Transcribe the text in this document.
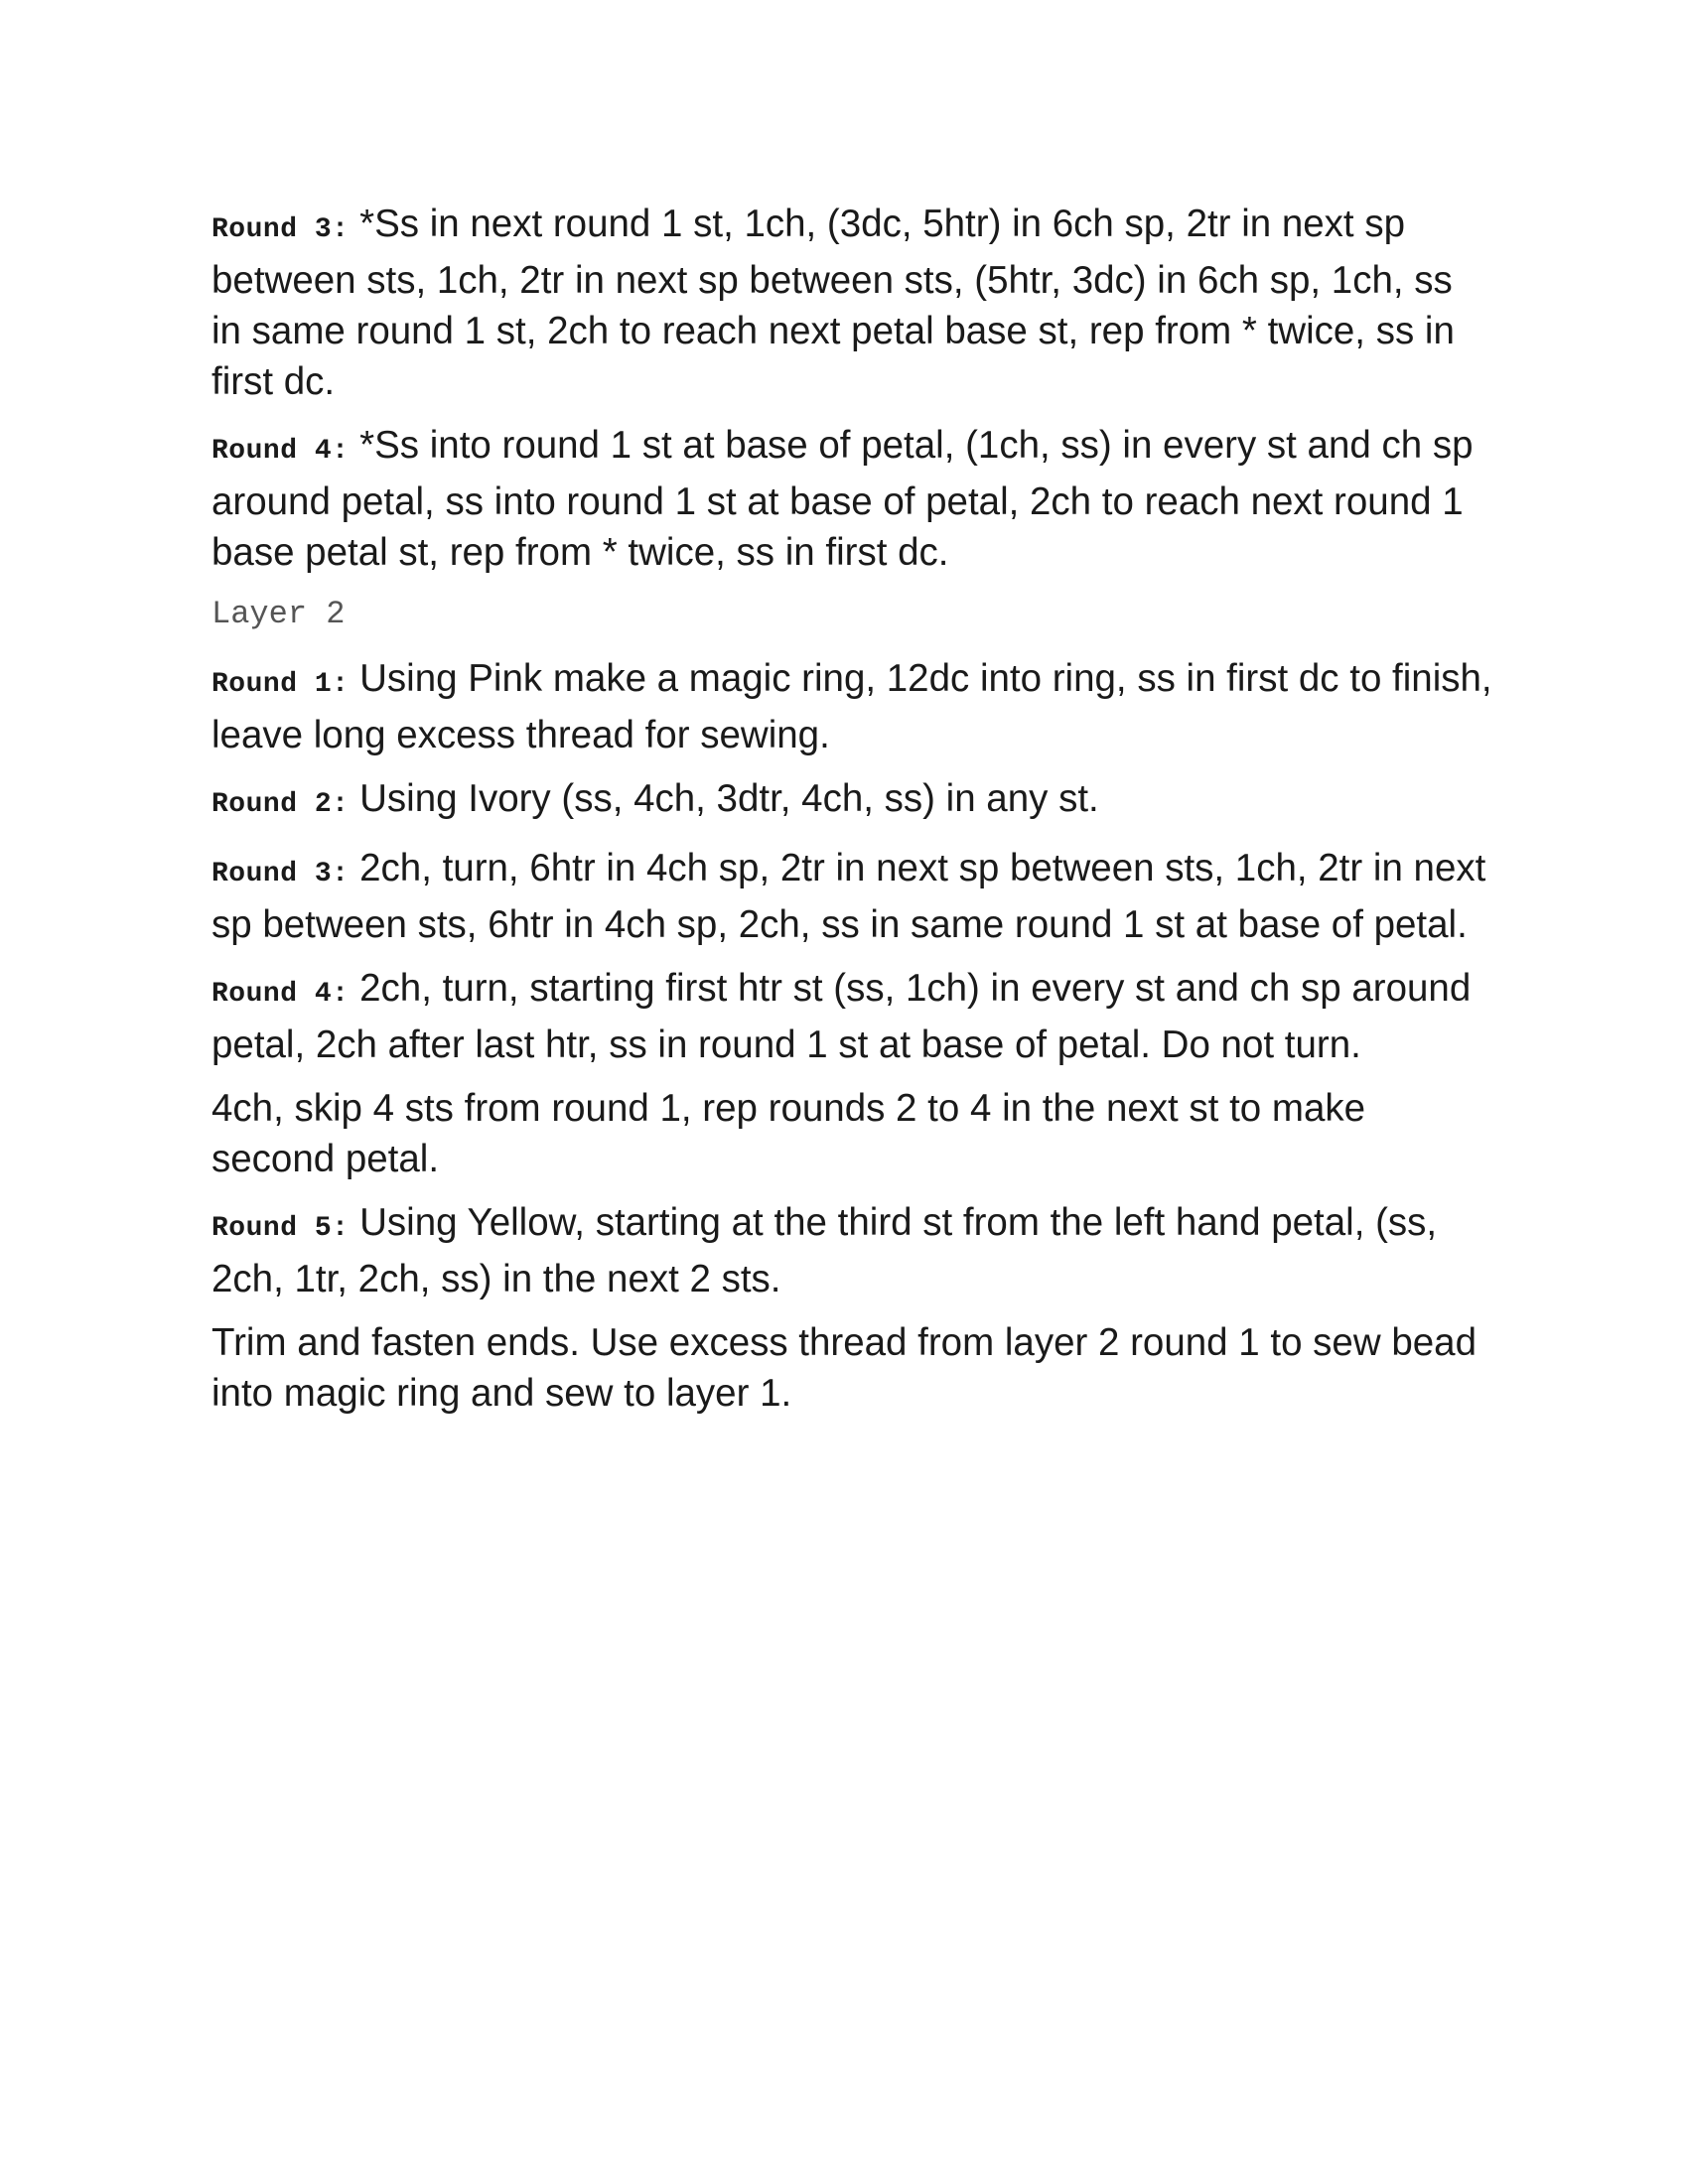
Round 3: *Ss in next round 1 st, 1ch, (3dc, 5htr) in 6ch sp, 2tr in next sp between sts, 1ch, 2tr in next sp between sts, (5htr, 3dc) in 6ch sp, 1ch, ss in same round 1 st, 2ch to reach next petal base st, rep from * twice, ss in first dc.

Round 4: *Ss into round 1 st at base of petal, (1ch, ss) in every st and ch sp around petal, ss into round 1 st at base of petal, 2ch to reach next round 1 base petal st, rep from * twice, ss in first dc.

Layer 2

Round 1: Using Pink make a magic ring, 12dc into ring, ss in first dc to finish, leave long excess thread for sewing.

Round 2: Using Ivory (ss, 4ch, 3dtr, 4ch, ss) in any st.

Round 3: 2ch, turn, 6htr in 4ch sp, 2tr in next sp between sts, 1ch, 2tr in next sp between sts, 6htr in 4ch sp, 2ch, ss in same round 1 st at base of petal.

Round 4: 2ch, turn, starting first htr st (ss, 1ch) in every st and ch sp around petal, 2ch after last htr, ss in round 1 st at base of petal. Do not turn.

4ch, skip 4 sts from round 1, rep rounds 2 to 4 in the next st to make second petal.

Round 5: Using Yellow, starting at the third st from the left hand petal, (ss, 2ch, 1tr, 2ch, ss) in the next 2 sts.

Trim and fasten ends. Use excess thread from layer 2 round 1 to sew bead into magic ring and sew to layer 1.
